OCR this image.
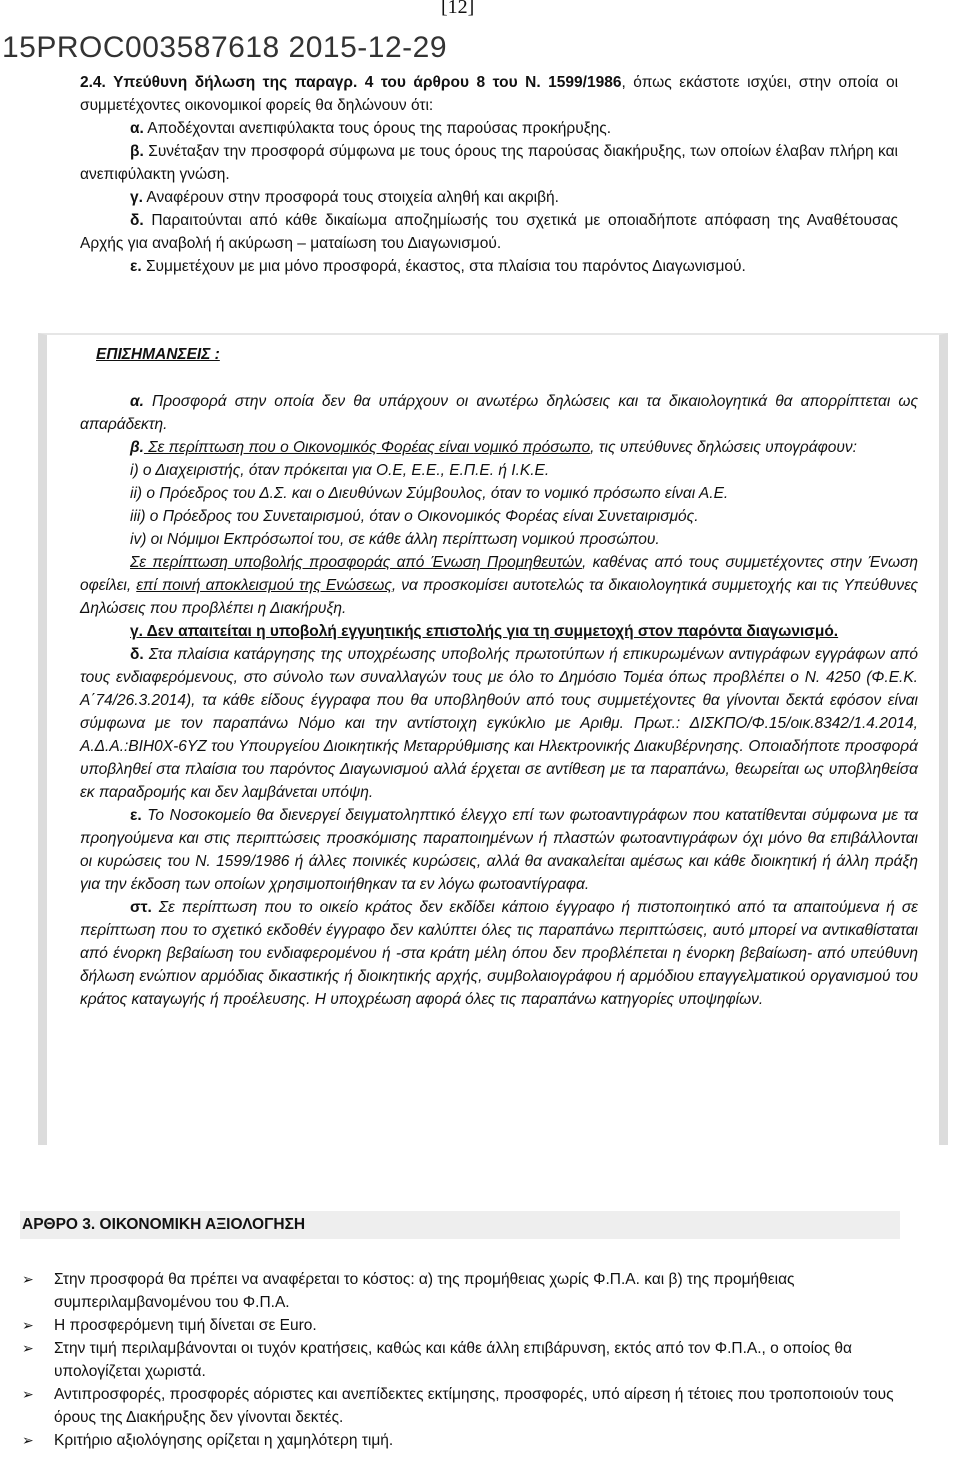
[12]
15PROC003587618 2015-12-29

2.4. Υπεύθυνη δήλωση της παραγρ. 4 του άρθρου 8 του Ν. 1599/1986, όπως εκάστοτε ισχύει, στην οποία οι συμμετέχοντες οικονομικοί φορείς θα δηλώνουν ότι:

α. Αποδέχονται ανεπιφύλακτα τους όρους της παρούσας προκήρυξης.

β. Συνέταξαν την προσφορά σύμφωνα με τους όρους της παρούσας διακήρυξης, των οποίων έλαβαν πλήρη και ανεπιφύλακτη γνώση.

γ. Αναφέρουν στην προσφορά τους στοιχεία αληθή και ακριβή.

δ. Παραιτούνται από κάθε δικαίωμα αποζημίωσής του σχετικά με οποιαδήποτε απόφαση της Αναθέτουσας Αρχής για αναβολή ή ακύρωση – ματαίωση του Διαγωνισμού.

ε. Συμμετέχουν με μια μόνο προσφορά, έκαστος, στα πλαίσια του παρόντος Διαγωνισμού.

ΕΠΙΣΗΜΑΝΣΕΙΣ :

α. Προσφορά στην οποία δεν θα υπάρχουν οι ανωτέρω δηλώσεις και τα δικαιολογητικά θα απορρίπτεται ως απαράδεκτη.

β. Σε περίπτωση που ο Οικονομικός Φορέας είναι νομικό πρόσωπο, τις υπεύθυνες δηλώσεις υπογράφουν:

i) ο Διαχειριστής, όταν πρόκειται για Ο.Ε, Ε.Ε., Ε.Π.Ε. ή Ι.Κ.Ε.

ii) ο Πρόεδρος του Δ.Σ. και ο Διευθύνων Σύμβουλος, όταν το νομικό πρόσωπο είναι Α.Ε.

iii) ο Πρόεδρος του Συνεταιρισμού, όταν ο Οικονομικός Φορέας είναι Συνεταιρισμός.

iv) οι Νόμιμοι Εκπρόσωποί του, σε κάθε άλλη περίπτωση νομικού προσώπου.

Σε περίπτωση υποβολής προσφοράς από Ένωση Προμηθευτών, καθένας από τους συμμετέχοντες στην Ένωση οφείλει, επί ποινή αποκλεισμού της Ενώσεως, να προσκομίσει αυτοτελώς τα δικαιολογητικά συμμετοχής και τις Υπεύθυνες Δηλώσεις που προβλέπει η Διακήρυξη.

γ. Δεν απαιτείται η υποβολή εγγυητικής επιστολής για τη συμμετοχή στον παρόντα διαγωνισμό.

δ. Στα πλαίσια κατάργησης της υποχρέωσης υποβολής πρωτοτύπων ή επικυρωμένων αντιγράφων εγγράφων από τους ενδιαφερόμενους, στο σύνολο των συναλλαγών τους με όλο το Δημόσιο Τομέα όπως προβλέπει ο Ν. 4250 (Φ.Ε.Κ. Α΄74/26.3.2014), τα κάθε είδους έγγραφα που θα υποβληθούν από τους συμμετέχοντες θα γίνονται δεκτά εφόσον είναι σύμφωνα με τον παραπάνω Νόμο και την αντίστοιχη εγκύκλιο με Αριθμ. Πρωτ.: ΔΙΣΚΠΟ/Φ.15/οικ.8342/1.4.2014, Α.Δ.Α.:ΒΙΗ0Χ-6ΥΖ του Υπουργείου Διοικητικής Μεταρρύθμισης και Ηλεκτρονικής Διακυβέρνησης. Οποιαδήποτε προσφορά υποβληθεί στα πλαίσια του παρόντος Διαγωνισμού αλλά έρχεται σε αντίθεση με τα παραπάνω, θεωρείται ως υποβληθείσα εκ παραδρομής και δεν λαμβάνεται υπόψη.

ε. Το Νοσοκομείο θα διενεργεί δειγματοληπτικό έλεγχο επί των φωτοαντιγράφων που κατατίθενται σύμφωνα με τα προηγούμενα και στις περιπτώσεις προσκόμισης παραποιημένων ή πλαστών φωτοαντιγράφων όχι μόνο θα επιβάλλονται οι κυρώσεις του Ν. 1599/1986 ή άλλες ποινικές κυρώσεις, αλλά θα ανακαλείται αμέσως και κάθε διοικητική ή άλλη πράξη για την έκδοση των οποίων χρησιμοποιήθηκαν τα εν λόγω φωτοαντίγραφα.

στ. Σε περίπτωση που το οικείο κράτος δεν εκδίδει κάποιο έγγραφο ή πιστοποιητικό από τα απαιτούμενα ή σε περίπτωση που το σχετικό εκδοθέν έγγραφο δεν καλύπτει όλες τις παραπάνω περιπτώσεις, αυτό μπορεί να αντικαθίσταται από ένορκη βεβαίωση του ενδιαφερομένου ή -στα κράτη μέλη όπου δεν προβλέπεται η ένορκη βεβαίωση- από υπεύθυνη δήλωση ενώπιον αρμόδιας δικαστικής ή διοικητικής αρχής, συμβολαιογράφου ή αρμόδιου επαγγελματικού οργανισμού του κράτος καταγωγής ή προέλευσης. Η υποχρέωση αφορά όλες τις παραπάνω κατηγορίες υποψηφίων.

ΑΡΘΡΟ 3. ΟΙΚΟΝΟΜΙΚΗ ΑΞΙΟΛΟΓΗΣΗ
➢	Στην προσφορά θα πρέπει να αναφέρεται το κόστος: α) της προμήθειας χωρίς Φ.Π.Α. και β) της προμήθειας συμπεριλαμβανομένου του Φ.Π.Α.

➢	Η προσφερόμενη τιμή δίνεται σε Euro.

➢	Στην τιμή περιλαμβάνονται οι τυχόν κρατήσεις, καθώς και κάθε άλλη επιβάρυνση, εκτός από τον Φ.Π.Α., ο οποίος θα υπολογίζεται χωριστά.

➢	Αντιπροσφορές, προσφορές αόριστες και ανεπίδεκτες εκτίμησης, προσφορές, υπό αίρεση ή τέτοιες που τροποποιούν τους όρους της Διακήρυξης δεν γίνονται δεκτές.

➢	Κριτήριο αξιολόγησης ορίζεται η χαμηλότερη τιμή.
